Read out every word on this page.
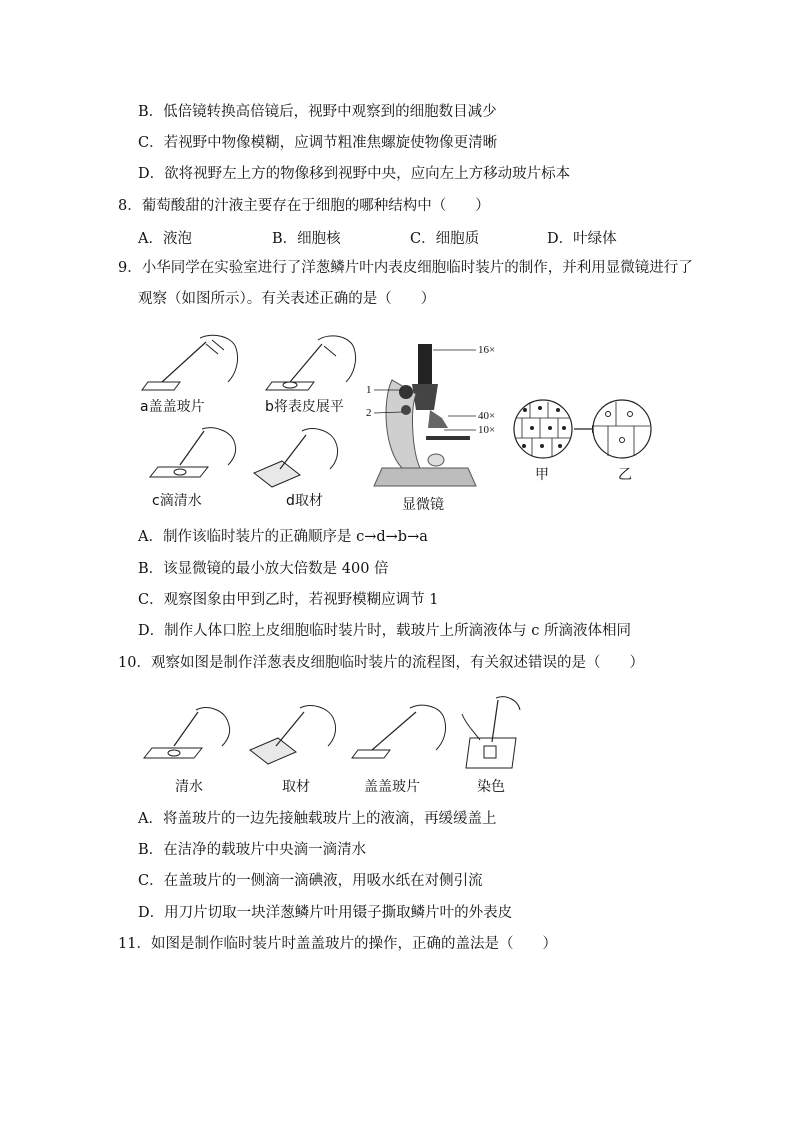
B．低倍镜转换高倍镜后，视野中观察到的细胞数目减少
C．若视野中物像模糊，应调节粗准焦螺旋使物像更清晰
D．欲将视野左上方的物像移到视野中央，应向左上方移动玻片标本
8．葡萄酸甜的汁液主要存在于细胞的哪种结构中（　　）
A．液泡	B．细胞核	C．细胞质	D．叶绿体
9．小华同学在实验室进行了洋葱鳞片叶内表皮细胞临时装片的制作，并利用显微镜进行了
观察（如图所示）。有关表述正确的是（　　）
a盖盖玻片	b将表皮展平
c滴清水	d取材
16×
1
2	40×
10×
显微镜
甲	乙
A．制作该临时装片的正确顺序是 c→d→b→a
B．该显微镜的最小放大倍数是 400 倍
C．观察图象由甲到乙时，若视野模糊应调节 1
D．制作人体口腔上皮细胞临时装片时，载玻片上所滴液体与 c 所滴液体相同
10．观察如图是制作洋葱表皮细胞临时装片的流程图，有关叙述错误的是（　　）
清水	取材	盖盖玻片	染色
A．将盖玻片的一边先接触载玻片上的液滴，再缓缓盖上
B．在洁净的载玻片中央滴一滴清水
C．在盖玻片的一侧滴一滴碘液，用吸水纸在对侧引流
D．用刀片切取一块洋葱鳞片叶用镊子撕取鳞片叶的外表皮
11．如图是制作临时装片时盖盖玻片的操作，正确的盖法是（　　）
